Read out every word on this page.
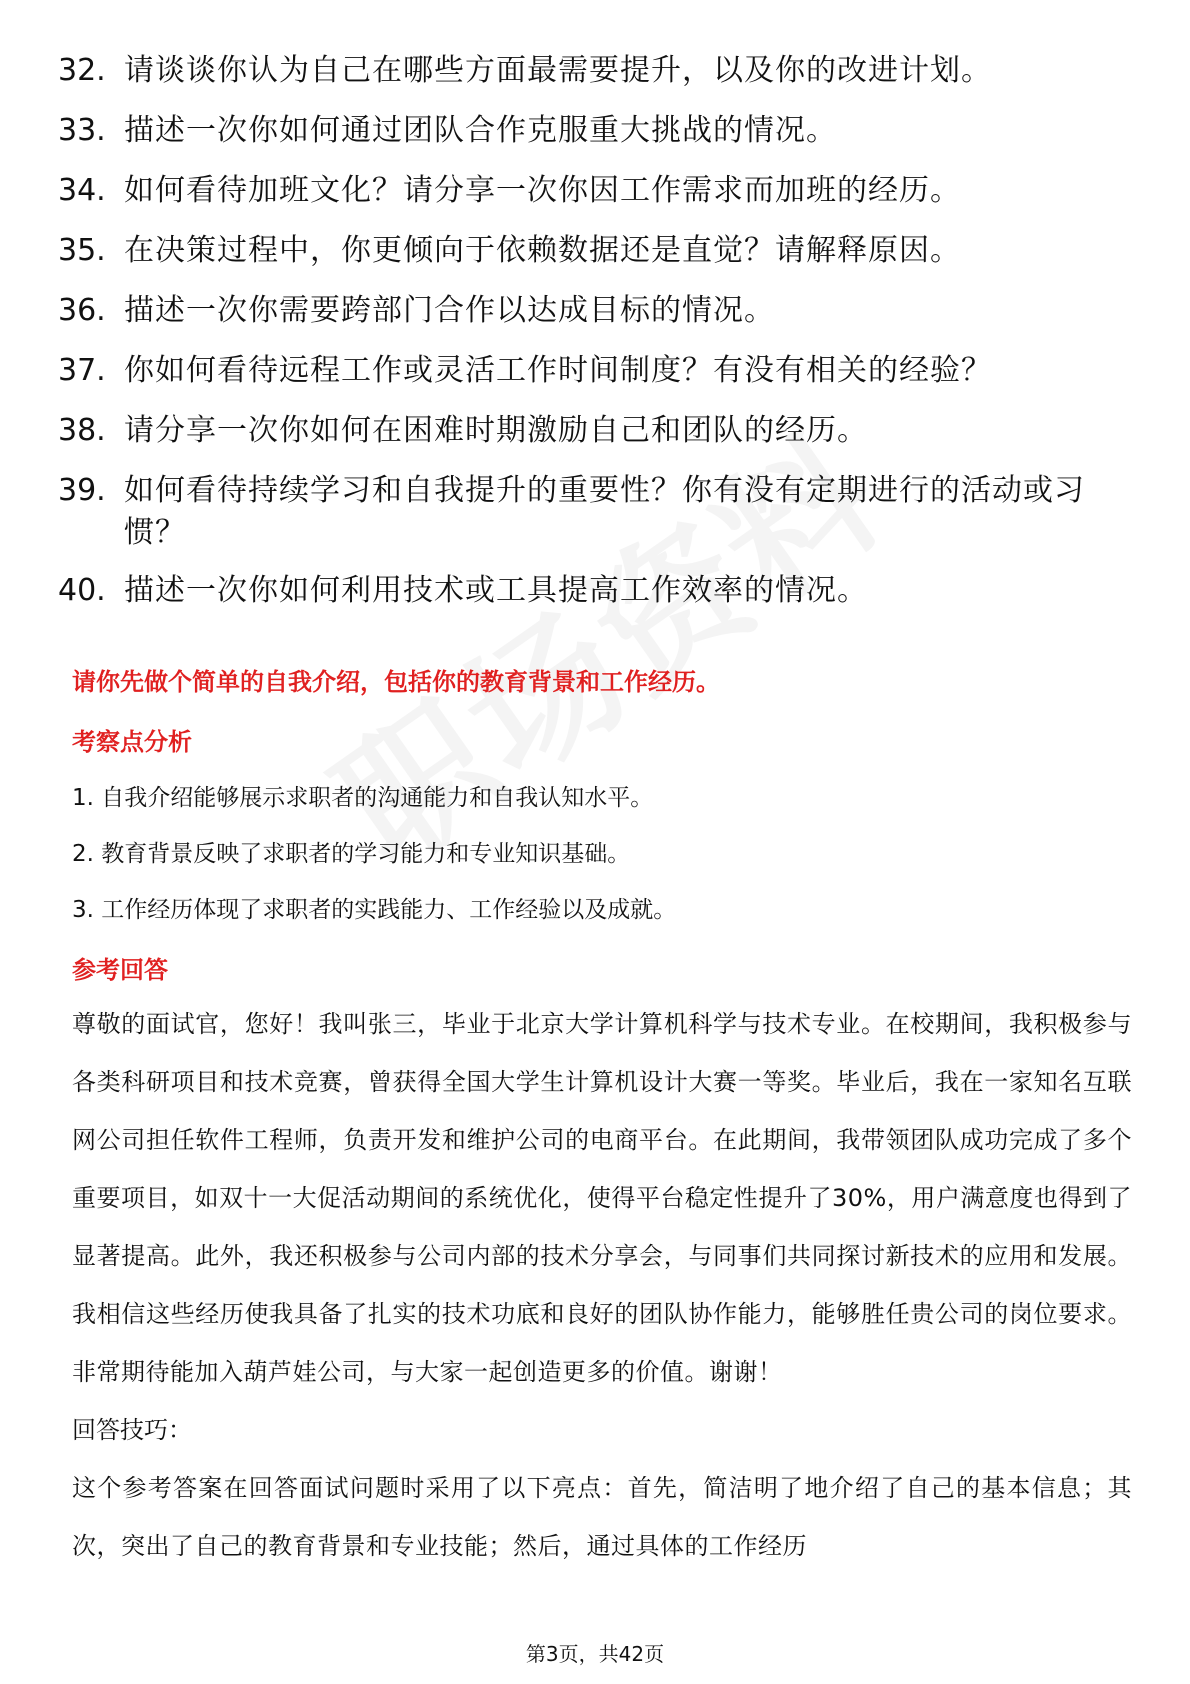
32. 请谈谈你认为自己在哪些方面最需要提升，以及你的改进计划。
33. 描述一次你如何通过团队合作克服重大挑战的情况。
34. 如何看待加班文化？请分享一次你因工作需求而加班的经历。
35. 在决策过程中，你更倾向于依赖数据还是直觉？请解释原因。
36. 描述一次你需要跨部门合作以达成目标的情况。
37. 你如何看待远程工作或灵活工作时间制度？有没有相关的经验？
38. 请分享一次你如何在困难时期激励自己和团队的经历。
39. 如何看待持续学习和自我提升的重要性？你有没有定期进行的活动或习惯？
40. 描述一次你如何利用技术或工具提高工作效率的情况。
请你先做个简单的自我介绍，包括你的教育背景和工作经历。
考察点分析
1. 自我介绍能够展示求职者的沟通能力和自我认知水平。
2. 教育背景反映了求职者的学习能力和专业知识基础。
3. 工作经历体现了求职者的实践能力、工作经验以及成就。
参考回答
尊敬的面试官，您好！我叫张三，毕业于北京大学计算机科学与技术专业。在校期间，我积极参与各类科研项目和技术竞赛，曾获得全国大学生计算机设计大赛一等奖。毕业后，我在一家知名互联网公司担任软件工程师，负责开发和维护公司的电商平台。在此期间，我带领团队成功完成了多个重要项目，如双十一大促活动期间的系统优化，使得平台稳定性提升了30%，用户满意度也得到了显著提高。此外，我还积极参与公司内部的技术分享会，与同事们共同探讨新技术的应用和发展。我相信这些经历使我具备了扎实的技术功底和良好的团队协作能力，能够胜任贵公司的岗位要求。非常期待能加入葫芦娃公司，与大家一起创造更多的价值。谢谢！
回答技巧：
这个参考答案在回答面试问题时采用了以下亮点：首先，简洁明了地介绍了自己的基本信息；其次，突出了自己的教育背景和专业技能；然后，通过具体的工作经历
第3页，共42页
